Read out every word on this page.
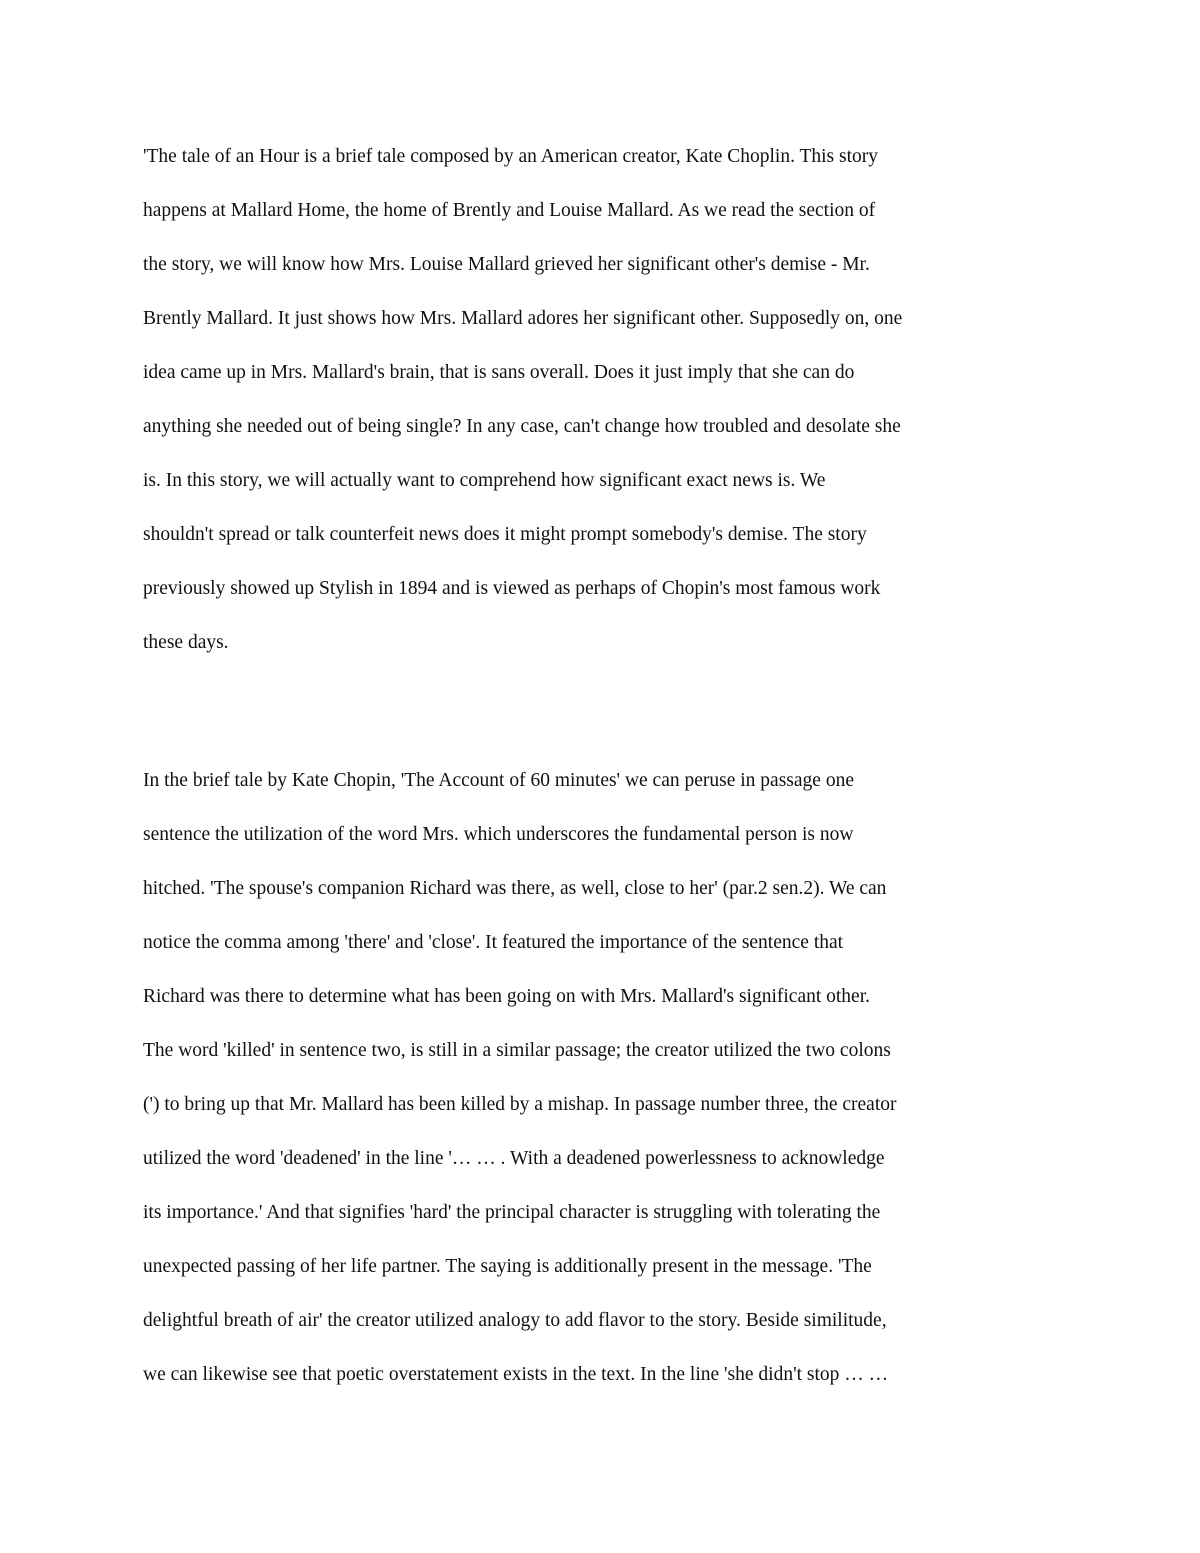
'The tale of an Hour is a brief tale composed by an American creator, Kate Choplin. This story
happens at Mallard Home, the home of Brently and Louise Mallard. As we read the section of
the story, we will know how Mrs. Louise Mallard grieved her significant other's demise - Mr.
Brently Mallard. It just shows how Mrs. Mallard adores her significant other. Supposedly on, one
idea came up in Mrs. Mallard's brain, that is sans overall. Does it just imply that she can do
anything she needed out of being single? In any case, can't change how troubled and desolate she
is. In this story, we will actually want to comprehend how significant exact news is. We
shouldn't spread or talk counterfeit news does it might prompt somebody's demise. The story
previously showed up Stylish in 1894 and is viewed as perhaps of Chopin's most famous work
these days.
In the brief tale by Kate Chopin, 'The Account of 60 minutes' we can peruse in passage one
sentence the utilization of the word Mrs. which underscores the fundamental person is now
hitched. 'The spouse's companion Richard was there, as well, close to her' (par.2 sen.2). We can
notice the comma among 'there' and 'close'. It featured the importance of the sentence that
Richard was there to determine what has been going on with Mrs. Mallard's significant other.
The word 'killed' in sentence two, is still in a similar passage; the creator utilized the two colons
(') to bring up that Mr. Mallard has been killed by a mishap. In passage number three, the creator
utilized the word 'deadened' in the line '… … . With a deadened powerlessness to acknowledge
its importance.' And that signifies 'hard' the principal character is struggling with tolerating the
unexpected passing of her life partner. The saying is additionally present in the message. 'The
delightful breath of air' the creator utilized analogy to add flavor to the story. Beside similitude,
we can likewise see that poetic overstatement exists in the text. In the line 'she didn't stop … …
